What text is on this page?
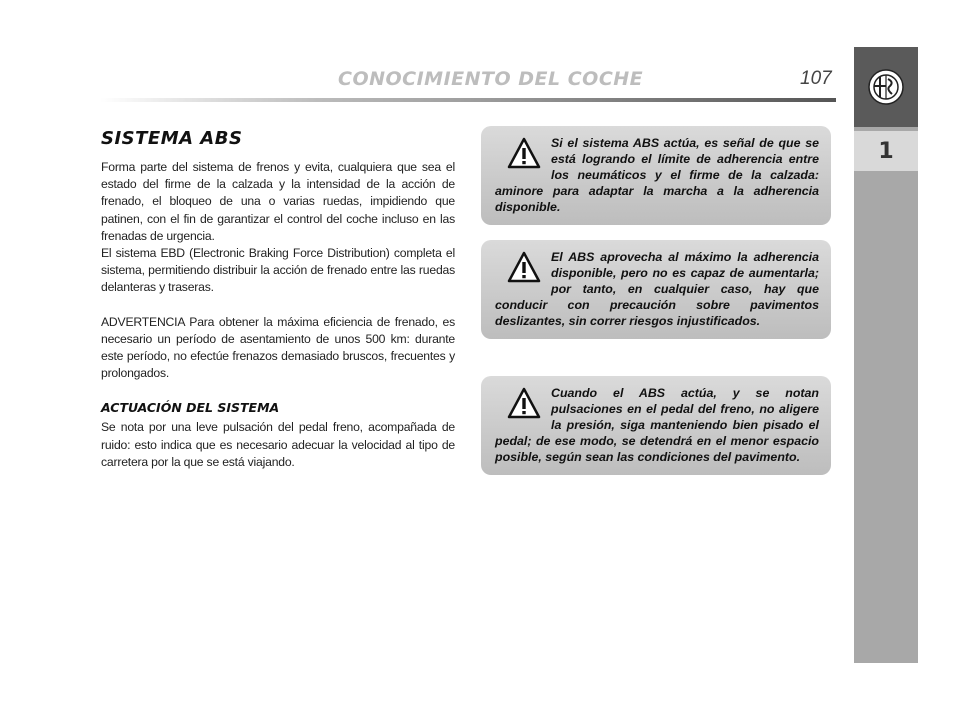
CONOCIMIENTO DEL COCHE	107
1
SISTEMA ABS

Forma parte del sistema de frenos y evita, cualquiera que sea el estado del firme de la calzada y la intensidad de la acción de frenado, el bloqueo de una o varias ruedas, impidiendo que patinen, con el fin de garantizar el control del coche incluso en las frenadas de urgencia.

El sistema EBD (Electronic Braking Force Distribution) completa el sistema, permitiendo distribuir la acción de frenado entre las ruedas delanteras y traseras.

ADVERTENCIA Para obtener la máxima eficiencia de frenado, es necesario un período de asentamiento de unos 500 km: durante este período, no efectúe frenazos demasiado bruscos, frecuentes y prolongados.

ACTUACIÓN DEL SISTEMA

Se nota por una leve pulsación del pedal freno, acompañada de ruido: esto indica que es necesario adecuar la velocidad al tipo de carretera por la que se está viajando.

Si el sistema ABS actúa, es señal de que se está logrando el límite de adherencia entre los neumáticos y el firme de la calzada: aminore para adaptar la marcha a la adherencia disponible.

El ABS aprovecha al máximo la adherencia disponible, pero no es capaz de aumentarla; por tanto, en cualquier caso, hay que conducir con precaución sobre pavimentos deslizantes, sin correr riesgos injustificados.

Cuando el ABS actúa, y se notan pulsaciones en el pedal del freno, no aligere la presión, siga manteniendo bien pisado el pedal; de ese modo, se detendrá en el menor espacio posible, según sean las condiciones del pavimento.
